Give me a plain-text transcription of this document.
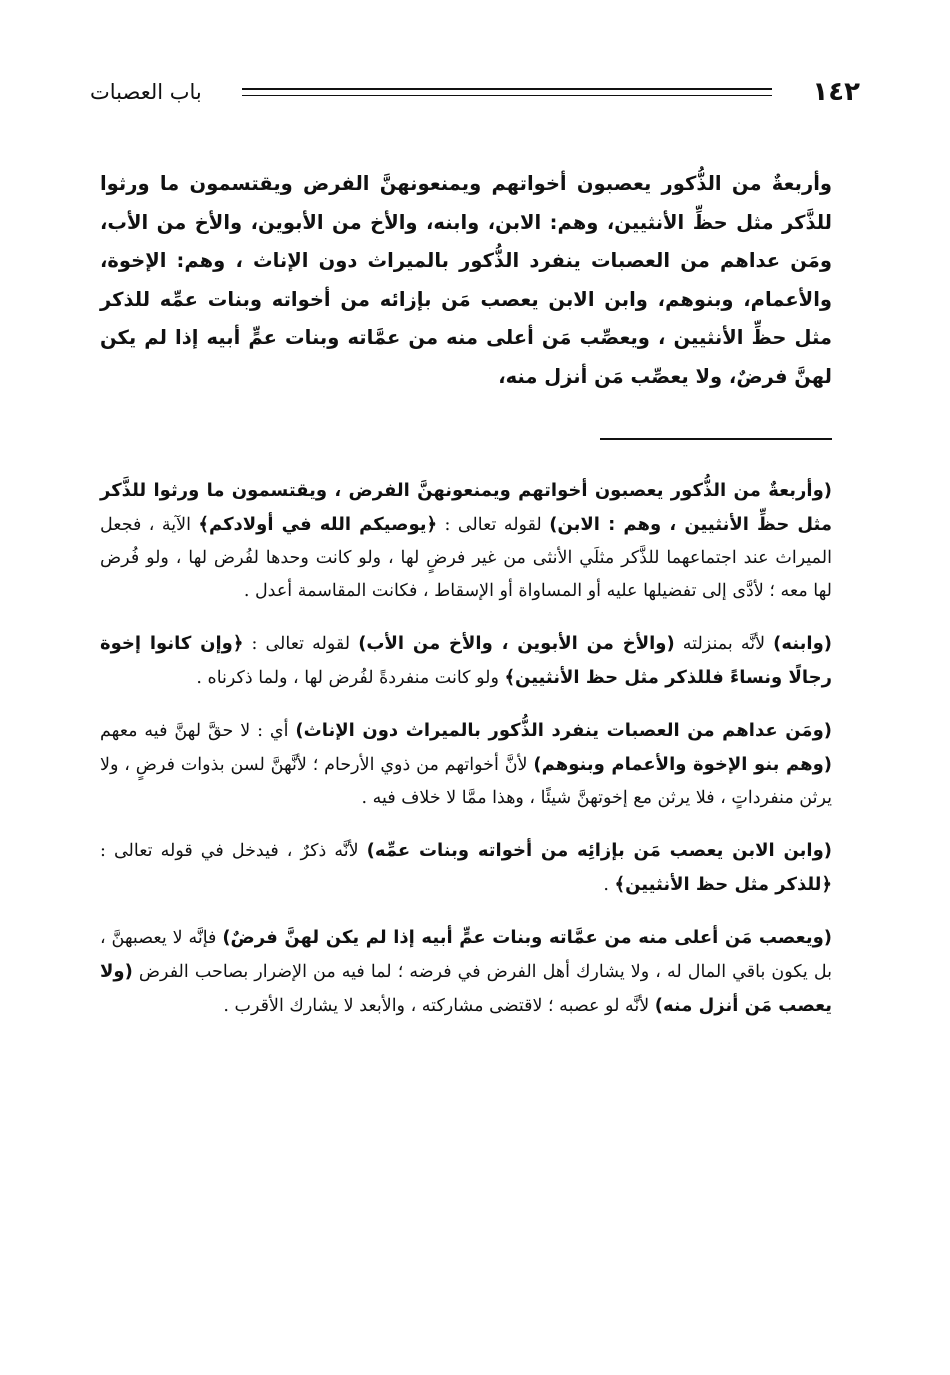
باب العصبات	١٤٢
وأربعةٌ من الذُّكور يعصبون أخواتهم ويمنعونهنَّ الفرض ويقتسمون ما ورثوا للذَّكر مثل حظِّ الأنثيين، وهم: الابن، وابنه، والأخ من الأبوين، والأخ من الأب، ومَن عداهم من العصبات ينفرد الذُّكور بالميراث دون الإناث ، وهم: الإخوة، والأعمام، وبنوهم، وابن الابن يعصب مَن بإزائه من أخواته وبنات عمِّه للذكر مثل حظِّ الأنثيين ، ويعصِّب مَن أعلى منه من عمَّاته وبنات عمٍّ أبيه إذا لم يكن لهنَّ فرضٌ، ولا يعصِّب مَن أنزل منه،

(وأربعةٌ من الذُّكور يعصبون أخواتهم ويمنعونهنَّ الفرض ، ويقتسمون ما ورثوا للذَّكر مثل حظِّ الأنثيين ، وهم : الابن) لقوله تعالى : ﴿يوصيكم الله في أولادكم﴾ الآية ، فجعل الميراث عند اجتماعهما للذَّكر مثلَي الأنثى من غير فرضٍ لها ، ولو كانت وحدها لفُرض لها ، ولو فُرض لها معه ؛ لأدَّى إلى تفضيلها عليه أو المساواة أو الإسقاط ، فكانت المقاسمة أعدل .

(وابنه) لأنَّه بمنزلته (والأخ من الأبوين ، والأخ من الأب) لقوله تعالى : ﴿وإن كانوا إخوة رجالًا ونساءً فللذكر مثل حظ الأنثيين﴾ ولو كانت منفردةً لفُرض لها ، ولما ذكرناه .

(ومَن عداهم من العصبات ينفرد الذُّكور بالميراث دون الإناث) أي : لا حقَّ لهنَّ فيه معهم (وهم بنو الإخوة والأعمام وبنوهم) لأنَّ أخواتهم من ذوي الأرحام ؛ لأنَّهنَّ لسن بذوات فرضٍ ، ولا يرثن منفرداتٍ ، فلا يرثن مع إخوتهنَّ شيئًا ، وهذا ممَّا لا خلاف فيه .

(وابن الابن يعصب مَن بإزائِه من أخواته وبنات عمِّه) لأنَّه ذكرٌ ، فيدخل في قوله تعالى : ﴿للذكر مثل حظ الأنثيين﴾ .

(ويعصب مَن أعلى منه من عمَّاته وبنات عمٍّ أبيه إذا لم يكن لهنَّ فرضٌ) فإنَّه لا يعصبهنَّ ، بل يكون باقي المال له ، ولا يشارك أهل الفرض في فرضه ؛ لما فيه من الإضرار بصاحب الفرض (ولا يعصب مَن أنزل منه) لأنَّه لو عصبه ؛ لاقتضى مشاركته ، والأبعد لا يشارك الأقرب .
